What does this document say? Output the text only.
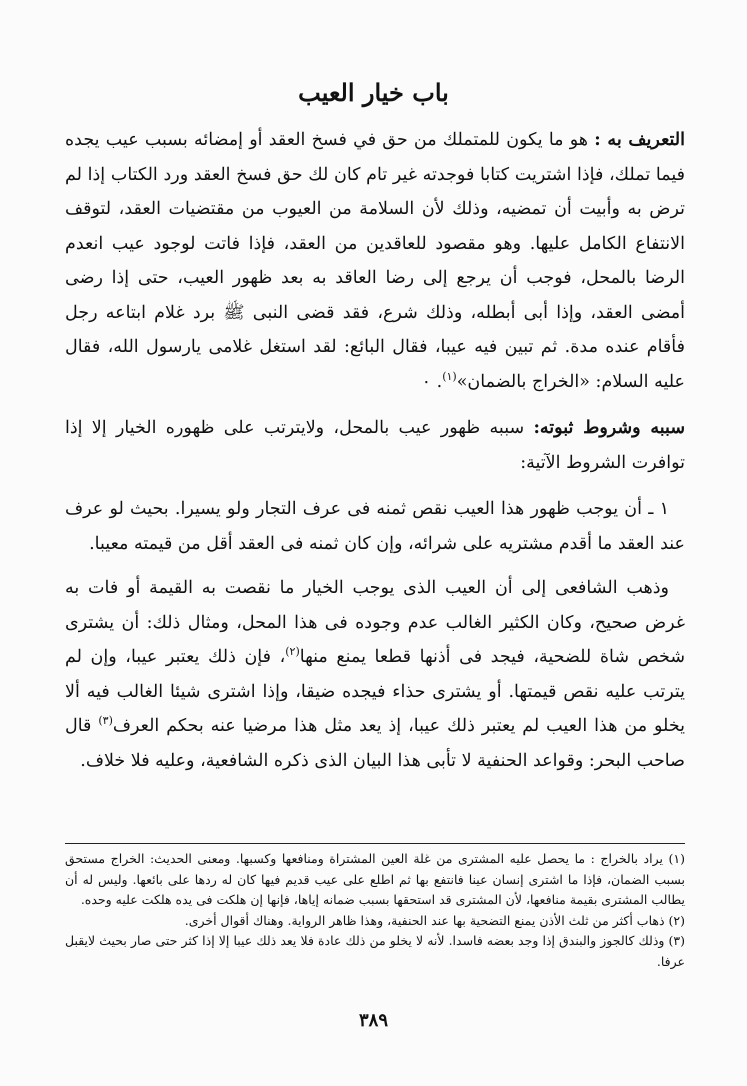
باب خيار العيب

التعريف به : هو ما يكون للمتملك من حق في فسخ العقد أو إمضائه بسبب عيب يجده فيما تملك، فإذا اشتريت كتابا فوجدته غير تام كان لك حق فسخ العقد ورد الكتاب إذا لم ترض به وأبيت أن تمضيه، وذلك لأن السلامة من العيوب من مقتضيات العقد، لتوقف الانتفاع الكامل عليها. وهو مقصود للعاقدين من العقد، فإذا فاتت لوجود عيب انعدم الرضا بالمحل، فوجب أن يرجع إلى رضا العاقد به بعد ظهور العيب، حتى إذا رضى أمضى العقد، وإذا أبى أبطله، وذلك شرع، فقد قضى النبى ﷺ برد غلام ابتاعه رجل فأقام عنده مدة. ثم تبين فيه عيبا، فقال البائع: لقد استغل غلامى يارسول الله، فقال عليه السلام: «الخراج بالضمان»$^{(١)}$. ٠

سببه وشروط ثبوته: سببه ظهور عيب بالمحل، ولايترتب على ظهوره الخيار إلا إذا توافرت الشروط الآتية:

١ ـ أن يوجب ظهور هذا العيب نقص ثمنه فى عرف التجار ولو يسيرا. بحيث لو عرف عند العقد ما أقدم مشتريه على شرائه، وإن كان ثمنه فى العقد أقل من قيمته معيبا.

وذهب الشافعى إلى أن العيب الذى يوجب الخيار ما نقصت به القيمة أو فات به غرض صحيح، وكان الكثير الغالب عدم وجوده فى هذا المحل، ومثال ذلك: أن يشترى شخص شاة للضحية، فيجد فى أذنها قطعا يمنع منها$^{(٢)}$، فإن ذلك يعتبر عيبا، وإن لم يترتب عليه نقص قيمتها. أو يشترى حذاء فيجده ضيقا، وإذا اشترى شيئا الغالب فيه ألا يخلو من هذا العيب لم يعتبر ذلك عيبا، إذ يعد مثل هذا مرضيا عنه بحكم العرف$^{(٣)}$ قال صاحب البحر: وقواعد الحنفية لا تأبى هذا البيان الذى ذكره الشافعية، وعليه فلا خلاف.

(١) يراد بالخراج : ما يحصل عليه المشترى من غلة العين المشتراة ومنافعها وكسبها. ومعنى الحديث: الخراج مستحق بسبب الضمان، فإذا ما اشترى إنسان عينا فانتفع بها ثم اطلع على عيب قديم فيها كان له ردها على بائعها. وليس له أن يطالب المشترى بقيمة منافعها، لأن المشترى قد استحقها بسبب ضمانه إياها، فإنها إن هلكت فى يده هلكت عليه وحده.

(٢) ذهاب أكثر من ثلث الأذن يمنع التضحية بها عند الحنفية، وهذا ظاهر الرواية. وهناك أقوال أخرى.

(٣) وذلك كالجوز والبندق إذا وجد بعضه فاسدا. لأنه لا يخلو من ذلك عادة فلا يعد ذلك عيبا إلا إذا كثر حتى صار بحيث لايقبل عرفا.

٣٨٩
